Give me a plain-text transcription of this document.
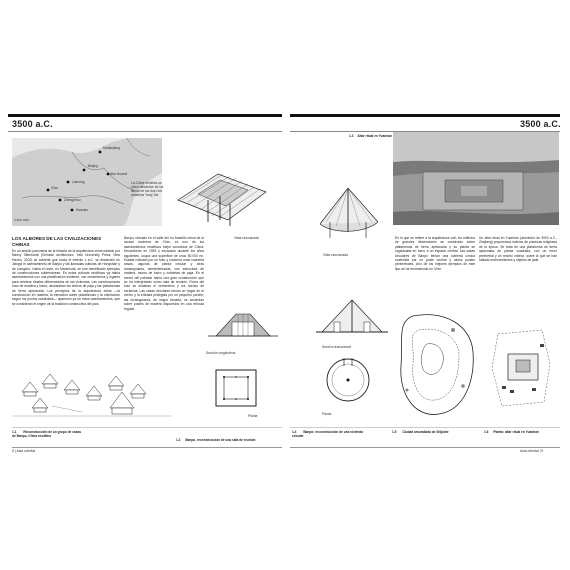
3500 a.C.
Mudanjiang
Beijing
Xi'an
Liaoning
Aba Huandi
Zhengzhou
Huaxian
La China neolítica se ubicó alrededor de los llanos de los dos ríos amarillos Yang Tse
0 500 1000
Vista seccionada
LOS ALBORES DE LAS CIVILIZACIONES CHINAS
En un amplio panorama de la historia de la arquitectura china editado por Nancy Steinhardt (Chinese architecture, Yale University Press, New Haven, 2002) se advierte que hacia el milenio v a.C. se desarrolló en Jiangxi el asentamiento de Banpo y las llamadas culturas de Hongshan y de Liangzhu. Hacia el norte, en Manchuria, se han identificado ejemplos de construcciones subterráneas. En estas culturas neolíticas ya había asentamientos con una planificación evidente, con cementerios y lugares para celebrar rituales diferenciados de las viviendas. Las construcciones eran de madera y barro; abundaban los techos de paja y las plataformas de tierra apisonada. Los principios de la arquitectura china —la construcción en madera, la elevación sobre plataformas y la orientación según los puntos cardinales— aparecen ya en estos asentamientos, que se consideran el origen de la tradición constructiva del país.
Banpo, ubicado en el valle del río Amarillo cerca de la ciudad moderna de Xi'an, es uno de los asentamientos neolíticos mejor conocidos de China. Descubierto en 1953 y excavado durante los años siguientes, ocupa una superficie de unos 50.000 m². Estaba rodeado por un foso y contenía unas cuarenta casas, algunas de planta circular y otras rectangulares, semienterradas, con estructura de madera, muros de barro y cubiertas de paja. En el centro del poblado había una gran construcción que se ha interpretado como sala de reunión. Fuera del foso se situaban el cementerio y los hornos de cerámica. Las casas circulares tenían un hogar en el centro y la entrada protegida por un pequeño porche; las rectangulares, de mayor tamaño, se sostenían sobre postes de madera dispuestos en una retícula regular.
Sección longitudinal
Planta
1.1 Reconstrucción de un grupo de casas de Banpo, China neolítica
1.2 Banpo, reconstrucción de una sala de reunión
8 | Asia oriental
3500 a.C.
1.3 Altar ritual en Yuanhan
Vista seccionada
En lo que se refiere a la arquitectura civil, los edificios de grandes dimensiones se construían sobre plataformas de tierra apisonada y su planta se organizaba en torno a un espacio central. Las casas circulares de Banpo tenían una cubierta cónica sostenida por un poste central y varios postes perimetrales. Uno de los mejores ejemplos de este tipo se ha reconstruido en Xi'an.
Un altar ritual en Yuanhan (alrededor de 3000 a.C., Zhejiang) proporciona indicios de prácticas religiosas de la época. Se trata de una plataforma de tierra apisonada de planta cuadrada, con un muro perimetral y un recinto interior, sobre la que se han hallado enterramientos y objetos de jade.
Sección transversal
Planta
1.4 Banpo: reconstrucción de una vivienda circular
1.5 Ciudad amurallada de Shijiahe	1.6 Planta: altar ritual en Yuanhan
Asia oriental | 9
